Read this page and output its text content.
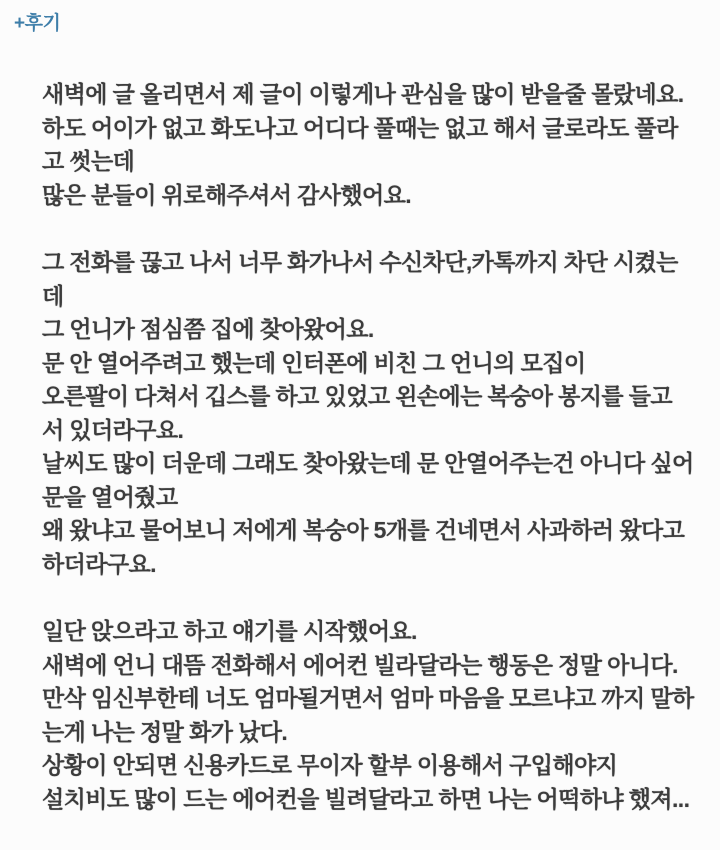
+후기
새벽에 글 올리면서 제 글이 이렇게나 관심을 많이 받을줄 몰랐네요.
하도 어이가 없고 화도나고 어디다 풀때는 없고 해서 글로라도 풀라
고 썻는데
많은 분들이 위로해주셔서 감사했어요.
그 전화를 끊고 나서 너무 화가나서 수신차단,카톡까지 차단 시켰는
데
그 언니가 점심쯤 집에 찾아왔어요.
문 안 열어주려고 했는데 인터폰에 비친 그 언니의 모집이
오른팔이 다쳐서 깁스를 하고 있었고 왼손에는 복숭아 봉지를 들고
서 있더라구요.
날씨도 많이 더운데 그래도 찾아왔는데 문 안열어주는건 아니다 싶어
문을 열어줬고
왜 왔냐고 물어보니 저에게 복숭아 5개를 건네면서 사과하러 왔다고
하더라구요.
일단 앉으라고 하고 얘기를 시작했어요.
새벽에 언니 대뜸 전화해서 에어컨 빌라달라는 행동은 정말 아니다.
만삭 임신부한테 너도 엄마될거면서 엄마 마음을 모르냐고 까지 말하
는게 나는 정말 화가 났다.
상황이 안되면 신용카드로 무이자 할부 이용해서 구입해야지
설치비도 많이 드는 에어컨을 빌려달라고 하면 나는 어떡하냐 했져...
